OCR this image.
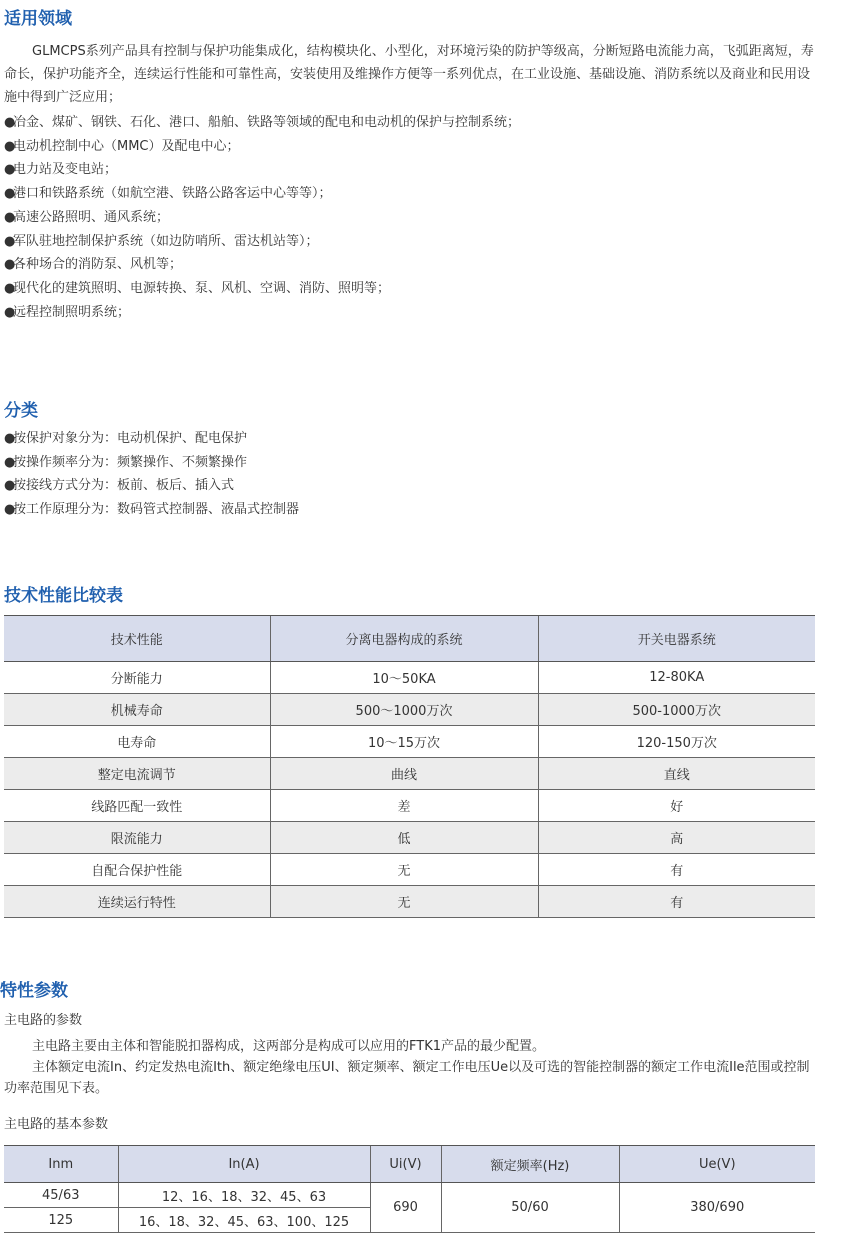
适用领域

GLMCPS系列产品具有控制与保护功能集成化，结构模块化、小型化，对环境污染的防护等级高，分断短路电流能力高，飞弧距离短，寿命长，保护功能齐全，连续运行性能和可靠性高，安装使用及维操作方便等一系列优点，在工业设施、基础设施、消防系统以及商业和民用设施中得到广泛应用；

●冶金、煤矿、钢铁、石化、港口、船舶、铁路等领域的配电和电动机的保护与控制系统；
●电动机控制中心（MMC）及配电中心；
●电力站及变电站；
●港口和铁路系统（如航空港、铁路公路客运中心等等）；
●高速公路照明、通风系统；
●军队驻地控制保护系统（如边防哨所、雷达机站等）；
●各种场合的消防泵、风机等；
●现代化的建筑照明、电源转换、泵、风机、空调、消防、照明等；
●远程控制照明系统；
分类
●按保护对象分为：电动机保护、配电保护
●按操作频率分为：频繁操作、不频繁操作
●按接线方式分为：板前、板后、插入式
●按工作原理分为：数码管式控制器、液晶式控制器
技术性能比较表
技术性能	分离电器构成的系统	开关电器系统
分断能力	10～50KA	12-80KA
机械寿命	500～1000万次	500-1000万次
电寿命	10～15万次	120-150万次
整定电流调节	曲线	直线
线路匹配一致性	差	好
限流能力	低	高
自配合保护性能	无	有
连续运行特性	无	有
特性参数

主电路的参数

主电路主要由主体和智能脱扣器构成，这两部分是构成可以应用的FTK1产品的最少配置。

主体额定电流In、约定发热电流Ith、额定绝缘电压UI、额定频率、额定工作电压Ue以及可选的智能控制器的额定工作电流Ile范围或控制功率范围见下表。

主电路的基本参数

Inm	In(A)	Ui(V)	额定频率(Hz)	Ue(V)
45/63	12、16、18、32、45、63	690	50/60	380/690
125	16、18、32、45、63、100、125			
